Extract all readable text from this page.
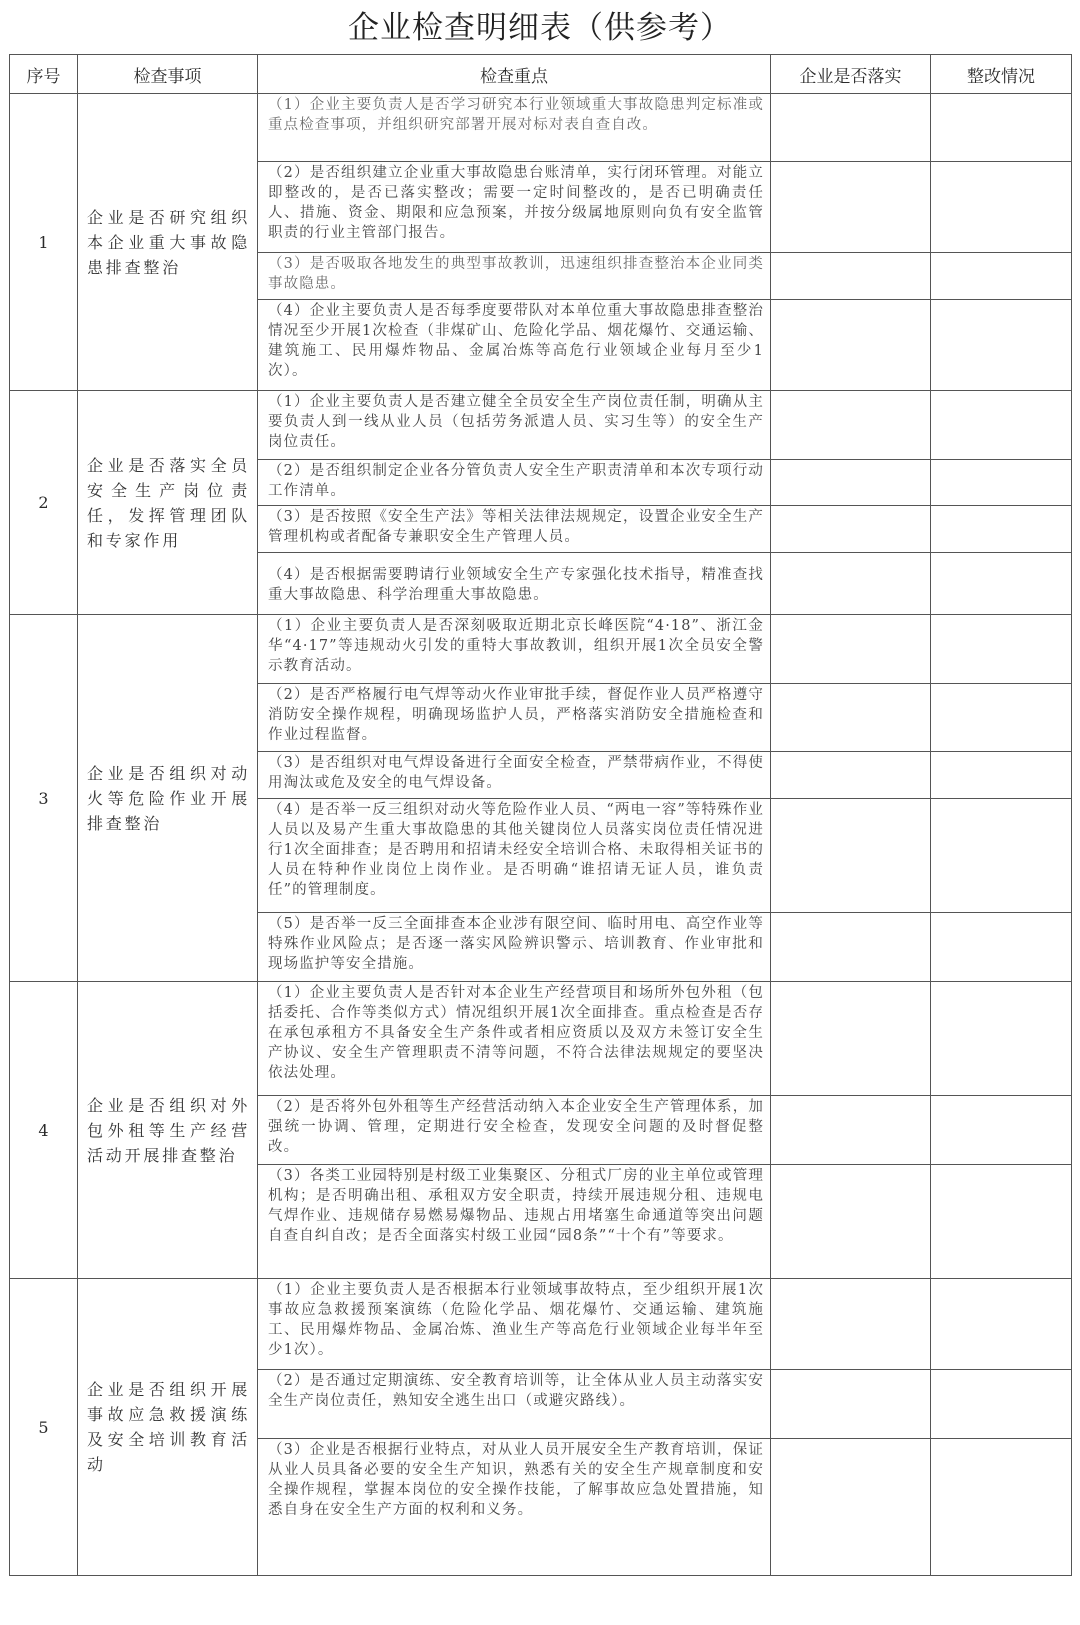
企业检查明细表（供参考）
序号	检查事项	检查重点	企业是否落实	整改情况
1	企业是否研究组织本企业重大事故隐患排查整治	（1）企业主要负责人是否学习研究本行业领域重大事故隐患判定标准或重点检查事项，并组织研究部署开展对标对表自查自改。		
		（2）是否组织建立企业重大事故隐患台账清单，实行闭环管理。对能立即整改的，是否已落实整改；需要一定时间整改的，是否已明确责任人、措施、资金、期限和应急预案，并按分级属地原则向负有安全监管职责的行业主管部门报告。		
		（3）是否吸取各地发生的典型事故教训，迅速组织排查整治本企业同类事故隐患。		
		（4）企业主要负责人是否每季度要带队对本单位重大事故隐患排查整治情况至少开展1次检查（非煤矿山、危险化学品、烟花爆竹、交通运输、建筑施工、民用爆炸物品、金属冶炼等高危行业领域企业每月至少1次）。		
2	企业是否落实全员安全生产岗位责任，发挥管理团队和专家作用	（1）企业主要负责人是否建立健全全员安全生产岗位责任制，明确从主要负责人到一线从业人员（包括劳务派遣人员、实习生等）的安全生产岗位责任。		
		（2）是否组织制定企业各分管负责人安全生产职责清单和本次专项行动工作清单。		
		（3）是否按照《安全生产法》等相关法律法规规定，设置企业安全生产管理机构或者配备专兼职安全生产管理人员。		
		（4）是否根据需要聘请行业领域安全生产专家强化技术指导，精准查找重大事故隐患、科学治理重大事故隐患。		
3	企业是否组织对动火等危险作业开展排查整治	（1）企业主要负责人是否深刻吸取近期北京长峰医院“4·18”、浙江金华“4·17”等违规动火引发的重特大事故教训，组织开展1次全员安全警示教育活动。		
		（2）是否严格履行电气焊等动火作业审批手续，督促作业人员严格遵守消防安全操作规程，明确现场监护人员，严格落实消防安全措施检查和作业过程监督。		
		（3）是否组织对电气焊设备进行全面安全检查，严禁带病作业，不得使用淘汰或危及安全的电气焊设备。		
		（4）是否举一反三组织对动火等危险作业人员、“两电一容”等特殊作业人员以及易产生重大事故隐患的其他关键岗位人员落实岗位责任情况进行1次全面排查；是否聘用和招请未经安全培训合格、未取得相关证书的人员在特种作业岗位上岗作业。是否明确“谁招请无证人员，谁负责任”的管理制度。		
		（5）是否举一反三全面排查本企业涉有限空间、临时用电、高空作业等特殊作业风险点；是否逐一落实风险辨识警示、培训教育、作业审批和现场监护等安全措施。		
4	企业是否组织对外包外租等生产经营活动开展排查整治	（1）企业主要负责人是否针对本企业生产经营项目和场所外包外租（包括委托、合作等类似方式）情况组织开展1次全面排查。重点检查是否存在承包承租方不具备安全生产条件或者相应资质以及双方未签订安全生产协议、安全生产管理职责不清等问题，不符合法律法规规定的要坚决依法处理。		
		（2）是否将外包外租等生产经营活动纳入本企业安全生产管理体系，加强统一协调、管理，定期进行安全检查，发现安全问题的及时督促整改。		
		（3）各类工业园特别是村级工业集聚区、分租式厂房的业主单位或管理机构；是否明确出租、承租双方安全职责，持续开展违规分租、违规电气焊作业、违规储存易燃易爆物品、违规占用堵塞生命通道等突出问题自查自纠自改；是否全面落实村级工业园“园8条”“十个有”等要求。		
5	企业是否组织开展事故应急救援演练及安全培训教育活动	（1）企业主要负责人是否根据本行业领域事故特点，至少组织开展1次事故应急救援预案演练（危险化学品、烟花爆竹、交通运输、建筑施工、民用爆炸物品、金属冶炼、渔业生产等高危行业领域企业每半年至少1次）。		
		（2）是否通过定期演练、安全教育培训等，让全体从业人员主动落实安全生产岗位责任，熟知安全逃生出口（或避灾路线）。		
		（3）企业是否根据行业特点，对从业人员开展安全生产教育培训，保证从业人员具备必要的安全生产知识，熟悉有关的安全生产规章制度和安全操作规程，掌握本岗位的安全操作技能，了解事故应急处置措施，知悉自身在安全生产方面的权利和义务。		
